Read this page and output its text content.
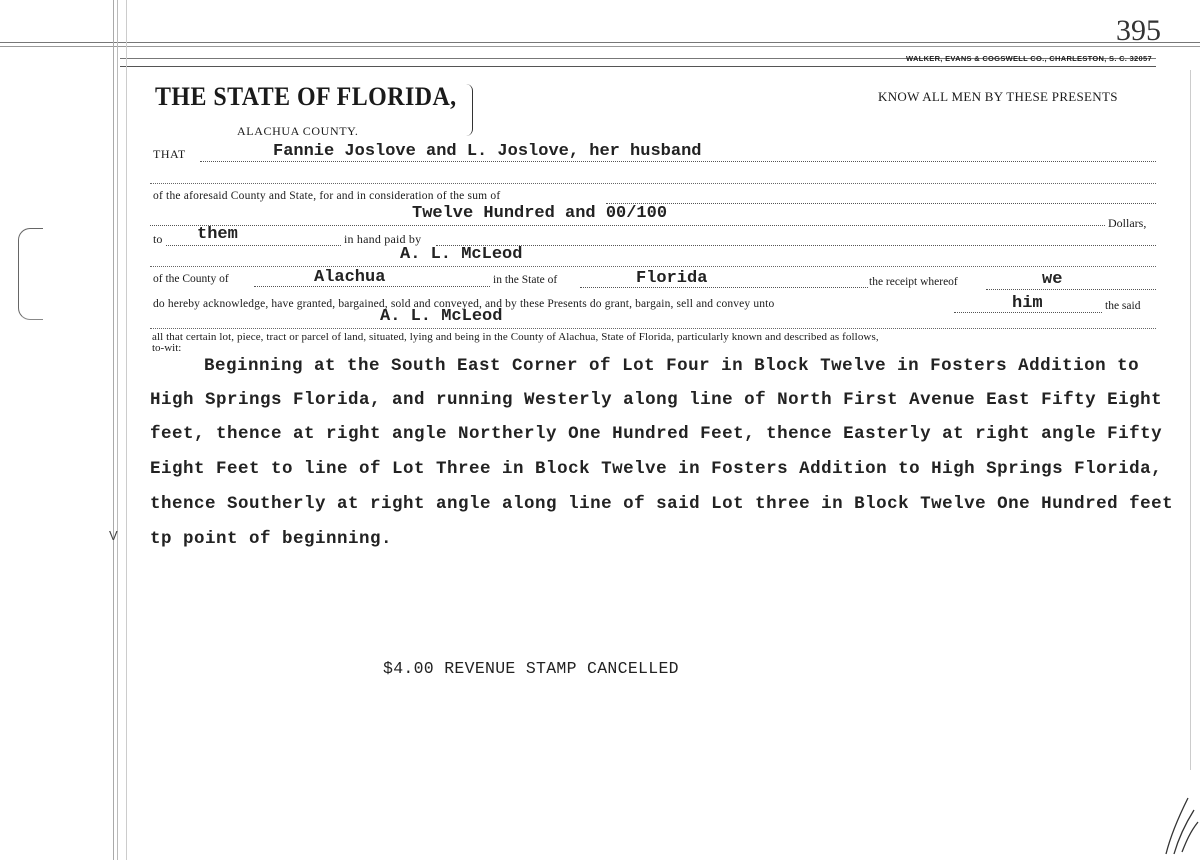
395
WALKER, EVANS & COGSWELL CO., CHARLESTON, S. C. 32057
THE STATE OF FLORIDA,	KNOW ALL MEN BY THESE PRESENTS
ALACHUA COUNTY.
THAT	Fannie Joslove and L. Joslove, her husband
of the aforesaid County and State, for and in consideration of the sum of
Twelve Hundred and 00/100	Dollars,
to them	in hand paid by
A. L. McLeod
of the County of	Alachua	in the State of	Florida	the receipt whereof	we
do hereby acknowledge, have granted, bargained, sold and conveyed, and by these Presents do grant, bargain, sell and convey unto	him	the said
A. L. McLeod
all that certain lot, piece, tract or parcel of land, situated, lying and being in the County of Alachua, State of Florida, particularly known and described as follows,
to-wit:
Beginning at the South East Corner of Lot Four in Block Twelve in Fosters Addition to
High Springs Florida, and running Westerly along line of North First Avenue East Fifty Eight
feet, thence at right angle Northerly One Hundred Feet, thence Easterly at right angle Fifty
Eight Feet to line of Lot Three in Block Twelve in Fosters Addition to High Springs Florida,
thence Southerly at right angle along line of said Lot three in Block Twelve One Hundred feet
tp point of beginning.
$4.00 REVENUE STAMP CANCELLED
V
